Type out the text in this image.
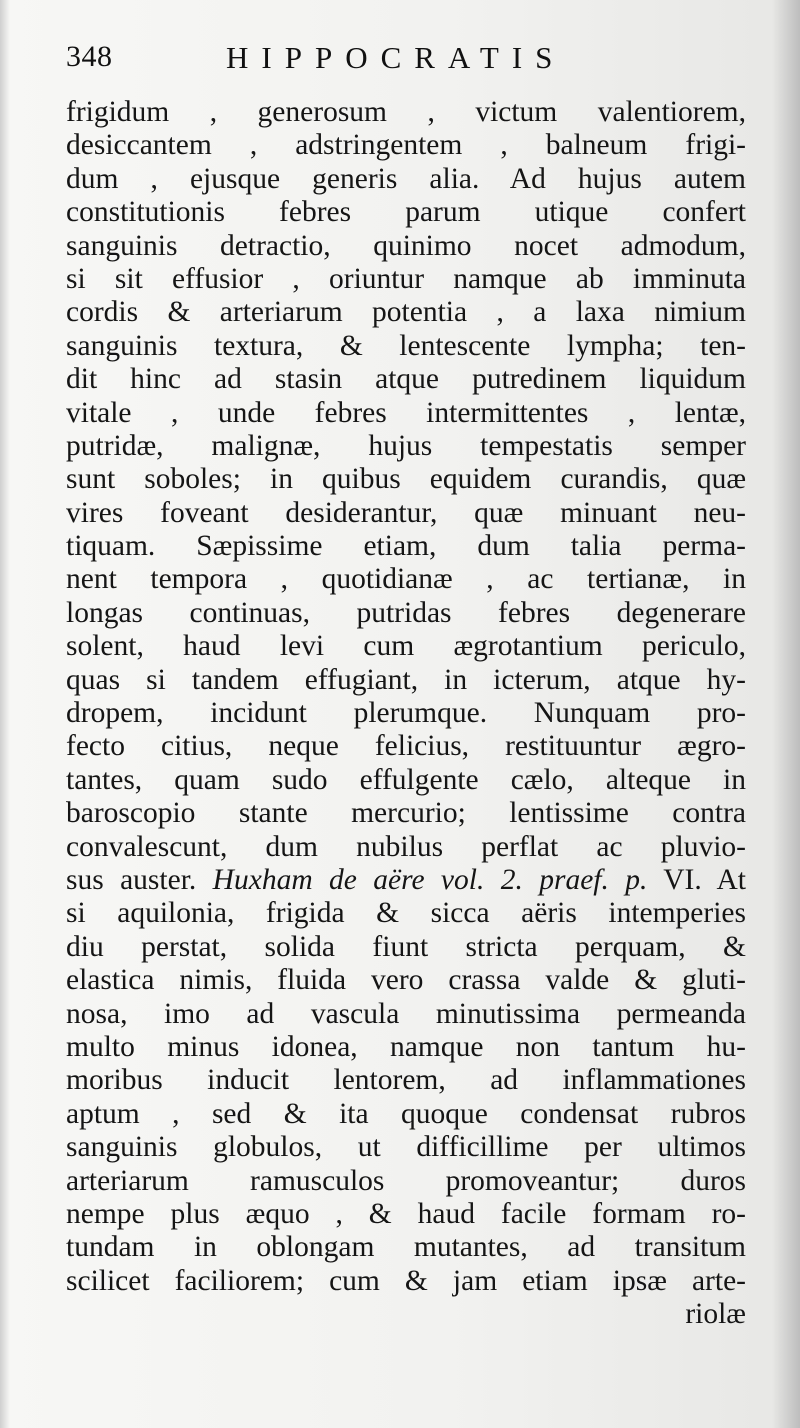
348	HIPPOCRATIS
frigidum , generosum , victum valentiorem,
desiccantem , adstringentem , balneum frigi-
dum , ejusque generis alia. Ad hujus autem
constitutionis febres parum utique confert
sanguinis detractio, quinimo nocet admodum,
si sit effusior , oriuntur namque ab imminuta
cordis & arteriarum potentia , a laxa nimium
sanguinis textura, & lentescente lympha; ten-
dit hinc ad stasin atque putredinem liquidum
vitale , unde febres intermittentes , lentæ,
putridæ, malignæ, hujus tempestatis semper
sunt soboles; in quibus equidem curandis, quæ
vires foveant desiderantur, quæ minuant neu-
tiquam. Sæpissime etiam, dum talia perma-
nent tempora , quotidianæ , ac tertianæ, in
longas continuas, putridas febres degenerare
solent, haud levi cum ægrotantium periculo,
quas si tandem effugiant, in icterum, atque hy-
dropem, incidunt plerumque. Nunquam pro-
fecto citius, neque felicius, restituuntur ægro-
tantes, quam sudo effulgente cælo, alteque in
baroscopio stante mercurio; lentissime contra
convalescunt, dum nubilus perflat ac pluvio-
sus auster. Huxham de aëre vol. 2. praef. p. VI. At
si aquilonia, frigida & sicca aëris intemperies
diu perstat, solida fiunt stricta perquam, &
elastica nimis, fluida vero crassa valde & gluti-
nosa, imo ad vascula minutissima permeanda
multo minus idonea, namque non tantum hu-
moribus inducit lentorem, ad inflammationes
aptum , sed & ita quoque condensat rubros
sanguinis globulos, ut difficillime per ultimos
arteriarum ramusculos promoveantur; duros
nempe plus æquo , & haud facile formam ro-
tundam in oblongam mutantes, ad transitum
scilicet faciliorem; cum & jam etiam ipsæ arte-
riolæ
